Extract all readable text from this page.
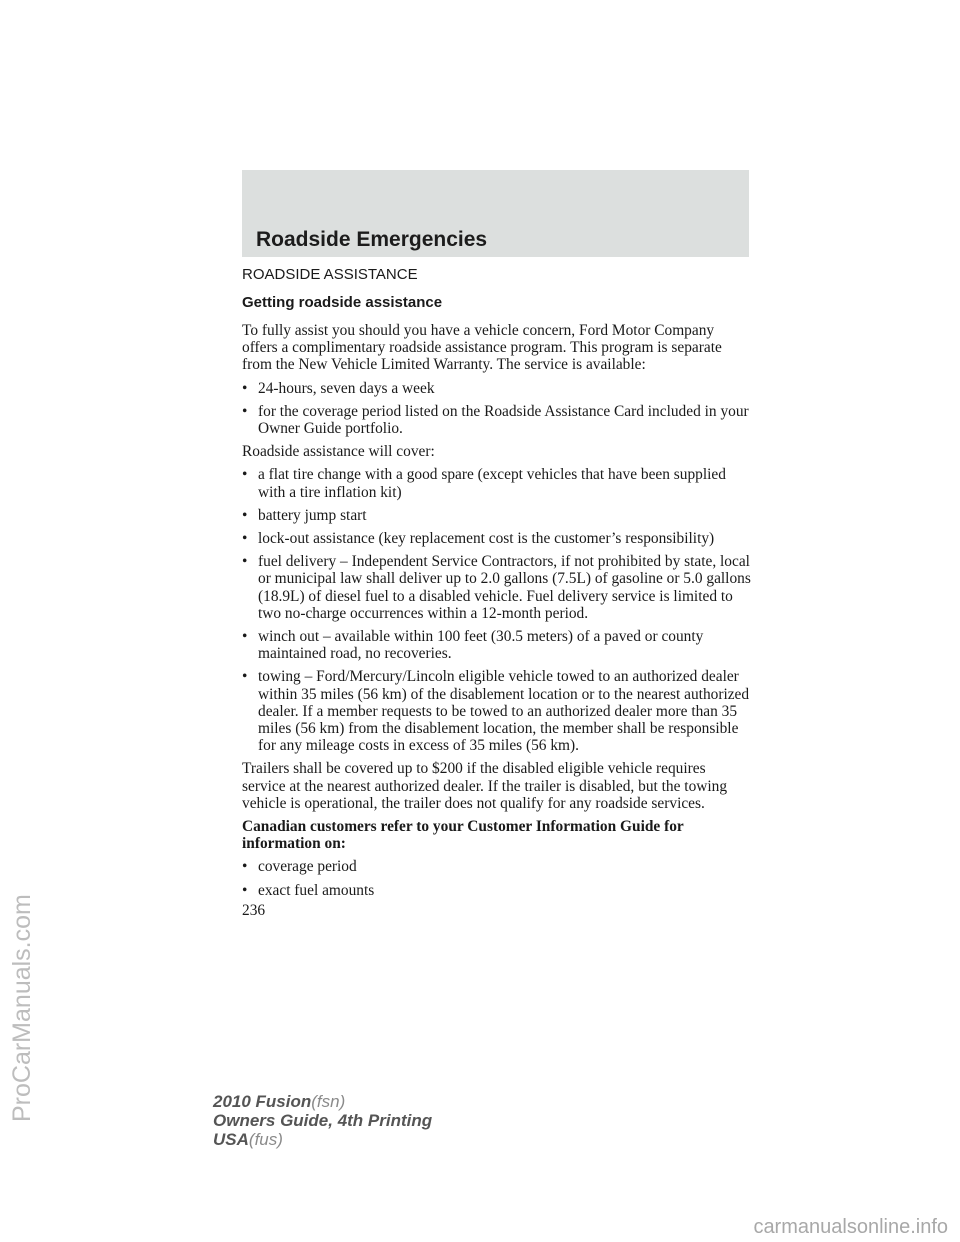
Roadside Emergencies
ROADSIDE ASSISTANCE
Getting roadside assistance

To fully assist you should you have a vehicle concern, Ford Motor Company offers a complimentary roadside assistance program. This program is separate from the New Vehicle Limited Warranty. The service is available:

• 24-hours, seven days a week
• for the coverage period listed on the Roadside Assistance Card included in your Owner Guide portfolio.

Roadside assistance will cover:

• a flat tire change with a good spare (except vehicles that have been supplied with a tire inflation kit)
• battery jump start
• lock-out assistance (key replacement cost is the customer’s responsibility)
• fuel delivery – Independent Service Contractors, if not prohibited by state, local or municipal law shall deliver up to 2.0 gallons (7.5L) of gasoline or 5.0 gallons (18.9L) of diesel fuel to a disabled vehicle. Fuel delivery service is limited to two no-charge occurrences within a 12-month period.
• winch out – available within 100 feet (30.5 meters) of a paved or county maintained road, no recoveries.
• towing – Ford/Mercury/Lincoln eligible vehicle towed to an authorized dealer within 35 miles (56 km) of the disablement location or to the nearest authorized dealer. If a member requests to be towed to an authorized dealer more than 35 miles (56 km) from the disablement location, the member shall be responsible for any mileage costs in excess of 35 miles (56 km).

Trailers shall be covered up to $200 if the disabled eligible vehicle requires service at the nearest authorized dealer. If the trailer is disabled, but the towing vehicle is operational, the trailer does not qualify for any roadside services.

Canadian customers refer to your Customer Information Guide for information on:

• coverage period
• exact fuel amounts
236
2010 Fusion(fsn)
Owners Guide, 4th Printing
USA(fus)
ProCarManuals.com
carmanualsonline.info
